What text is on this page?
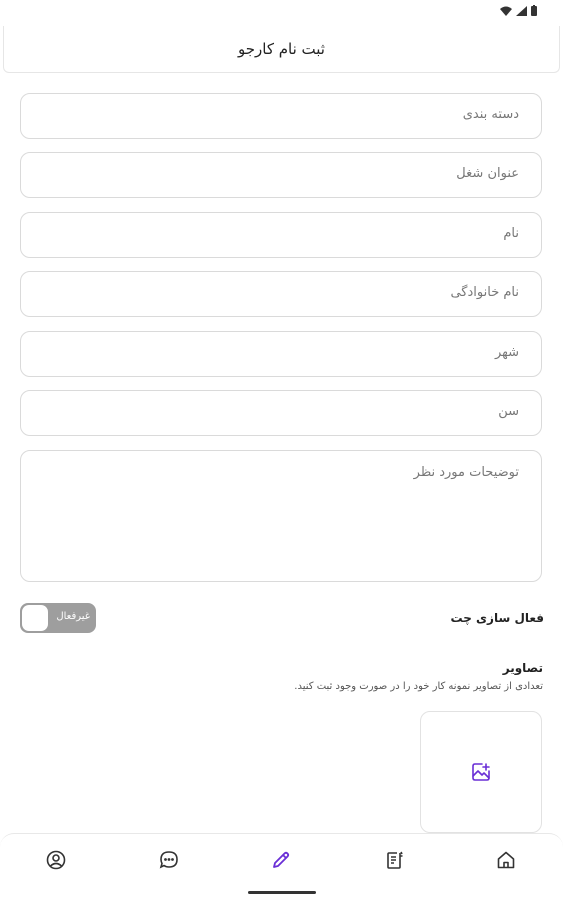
ثبت نام کارجو
دسته بندی
عنوان شغل
نام
نام خانوادگی
شهر
سن
توضیحات مورد نظر
غیرفعال	فعال سازی چت
تصاویر
تعدادی از تصاویر نمونه کار خود را در صورت وجود ثبت کنید.
